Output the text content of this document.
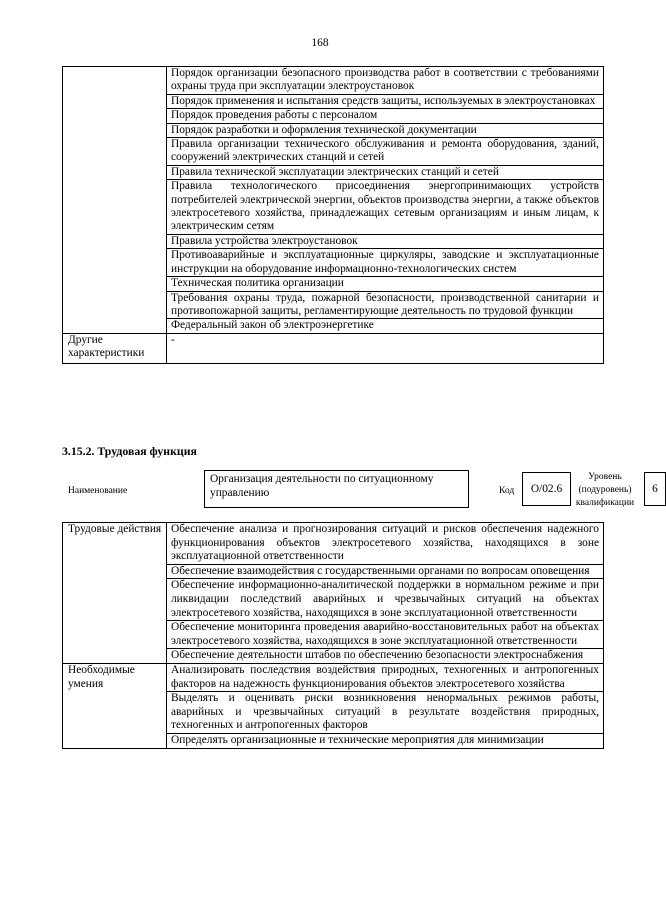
168
	Порядок организации безопасного производства работ в соответствии с требованиями охраны труда при эксплуатации электроустановок
	Порядок применения и испытания средств защиты, используемых в электроустановках
	Порядок проведения работы с персоналом
	Порядок разработки и оформления технической документации
	Правила организации технического обслуживания и ремонта оборудования, зданий, сооружений электрических станций и сетей
	Правила технической эксплуатации электрических станций и сетей
	Правила технологического присоединения энергопринимающих устройств потребителей электрической энергии, объектов производства энергии, а также объектов электросетевого хозяйства, принадлежащих сетевым организациям и иным лицам, к электрическим сетям
	Правила устройства электроустановок
	Противоаварийные и эксплуатационные циркуляры, заводские и эксплуатационные инструкции на оборудование информационно-технологических систем
	Техническая политика организации
	Требования охраны труда, пожарной безопасности, производственной санитарии и противопожарной защиты, регламентирующие деятельность по трудовой функции
	Федеральный закон об электроэнергетике
Другие характеристики	-
3.15.2. Трудовая функция
Наименование
Организация деятельности по ситуационному управлению	Код	О/02.6
Уровень (подуровень) квалификации
6
Трудовые действия	Обеспечение анализа и прогнозирования ситуаций и рисков обеспечения надежного функционирования объектов электросетевого хозяйства, находящихся в зоне эксплуатационной ответственности
	Обеспечение взаимодействия с государственными органами по вопросам оповещения
	Обеспечение информационно-аналитической поддержки в нормальном режиме и при ликвидации последствий аварийных и чрезвычайных ситуаций на объектах электросетевого хозяйства, находящихся в зоне эксплуатационной ответственности
	Обеспечение мониторинга проведения аварийно-восстановительных работ на объектах электросетевого хозяйства, находящихся в зоне эксплуатационной ответственности
	Обеспечение деятельности штабов по обеспечению безопасности электроснабжения
Необходимые умения	Анализировать последствия воздействия природных, техногенных и антропогенных факторов на надежность функционирования объектов электросетевого хозяйства
	Выделять и оценивать риски возникновения ненормальных режимов работы, аварийных и чрезвычайных ситуаций в результате воздействия природных, техногенных и антропогенных факторов
	Определять организационные и технические мероприятия для минимизации
